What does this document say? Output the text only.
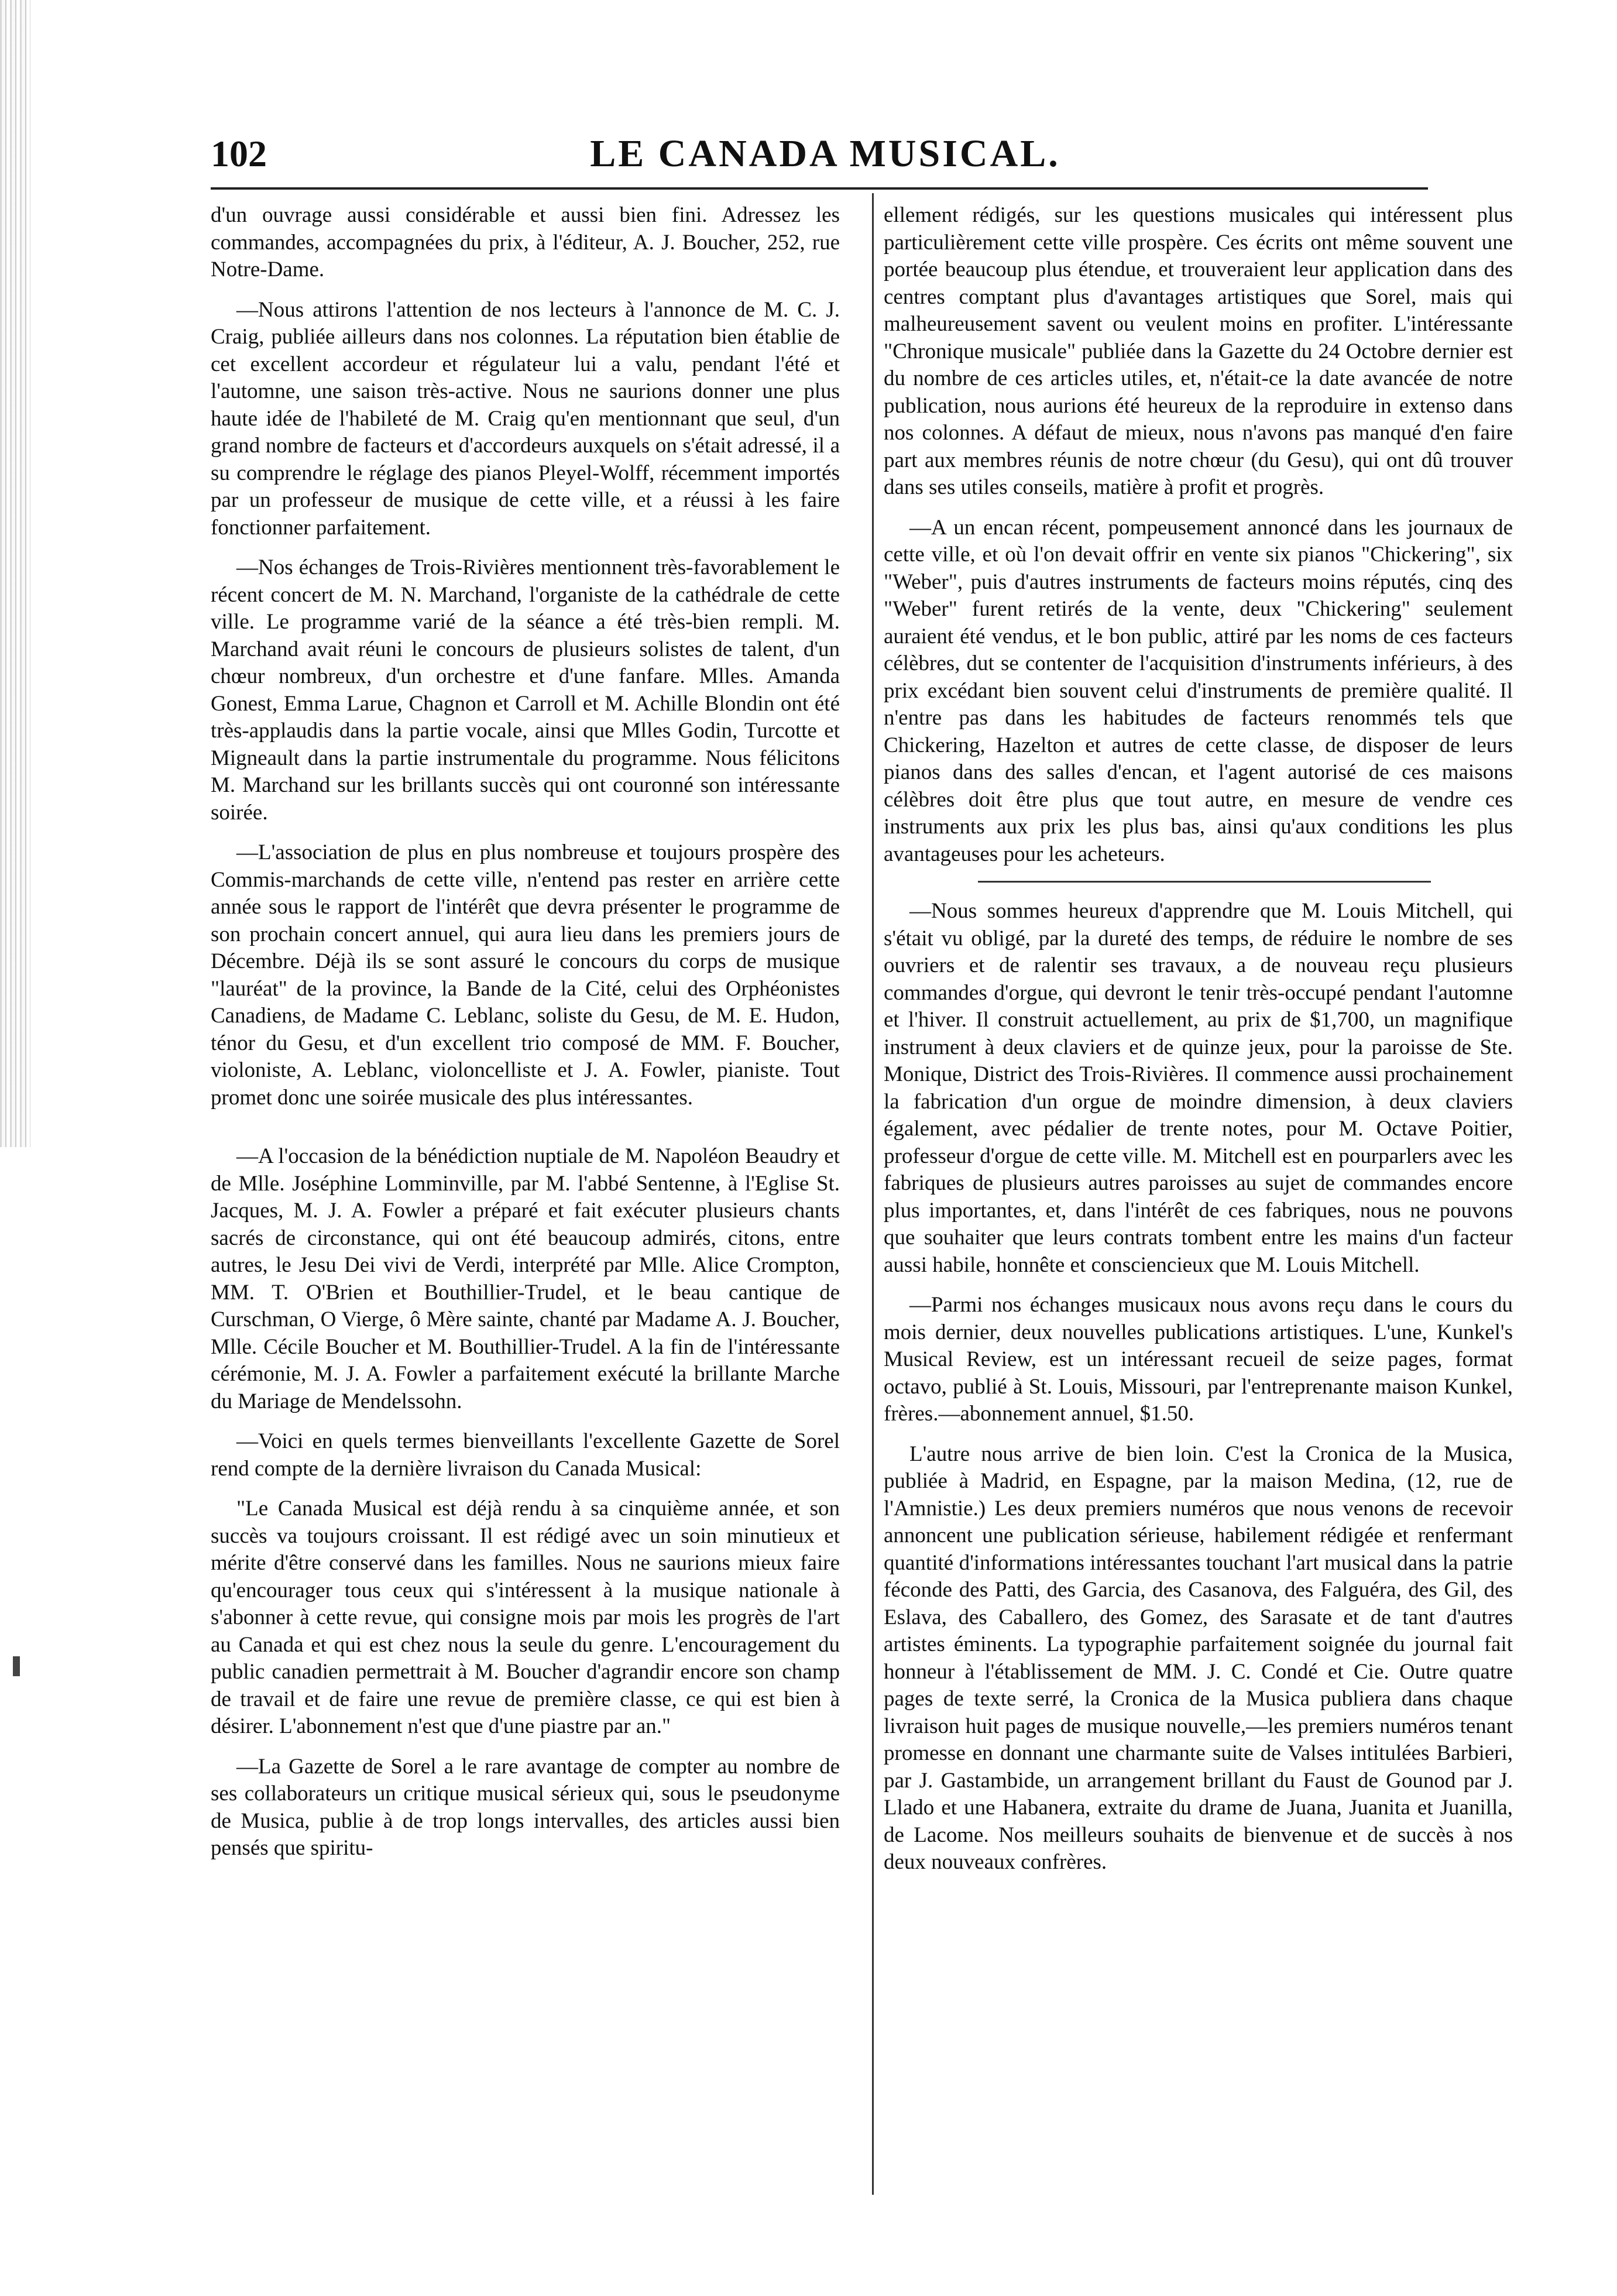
102	LE CANADA MUSICAL.

d'un ouvrage aussi considérable et aussi bien fini. Adressez les commandes, accompagnées du prix, à l'éditeur, A. J. Boucher, 252, rue Notre-Dame.

—Nous attirons l'attention de nos lecteurs à l'annonce de M. C. J. Craig, publiée ailleurs dans nos colonnes. La réputation bien établie de cet excellent accordeur et régulateur lui a valu, pendant l'été et l'automne, une saison très-active. Nous ne saurions donner une plus haute idée de l'habileté de M. Craig qu'en mentionnant que seul, d'un grand nombre de facteurs et d'accordeurs auxquels on s'était adressé, il a su comprendre le réglage des pianos Pleyel-Wolff, récemment importés par un professeur de musique de cette ville, et a réussi à les faire fonctionner parfaitement.

—Nos échanges de Trois-Rivières mentionnent très-favorablement le récent concert de M. N. Marchand, l'organiste de la cathédrale de cette ville. Le programme varié de la séance a été très-bien rempli. M. Marchand avait réuni le concours de plusieurs solistes de talent, d'un chœur nombreux, d'un orchestre et d'une fanfare. Mlles. Amanda Gonest, Emma Larue, Chagnon et Carroll et M. Achille Blondin ont été très-applaudis dans la partie vocale, ainsi que Mlles Godin, Turcotte et Migneault dans la partie instrumentale du programme. Nous félicitons M. Marchand sur les brillants succès qui ont couronné son intéressante soirée.

—L'association de plus en plus nombreuse et toujours prospère des Commis-marchands de cette ville, n'entend pas rester en arrière cette année sous le rapport de l'intérêt que devra présenter le programme de son prochain concert annuel, qui aura lieu dans les premiers jours de Décembre. Déjà ils se sont assuré le concours du corps de musique "lauréat" de la province, la Bande de la Cité, celui des Orphéonistes Canadiens, de Madame C. Leblanc, soliste du Gesu, de M. E. Hudon, ténor du Gesu, et d'un excellent trio composé de MM. F. Boucher, violoniste, A. Leblanc, violoncelliste et J. A. Fowler, pianiste. Tout promet donc une soirée musicale des plus intéressantes.

—A l'occasion de la bénédiction nuptiale de M. Napoléon Beaudry et de Mlle. Joséphine Lomminville, par M. l'abbé Sentenne, à l'Eglise St. Jacques, M. J. A. Fowler a préparé et fait exécuter plusieurs chants sacrés de circonstance, qui ont été beaucoup admirés, citons, entre autres, le Jesu Dei vivi de Verdi, interprété par Mlle. Alice Crompton, MM. T. O'Brien et Bouthillier-Trudel, et le beau cantique de Curschman, O Vierge, ô Mère sainte, chanté par Madame A. J. Boucher, Mlle. Cécile Boucher et M. Bouthillier-Trudel. A la fin de l'intéressante cérémonie, M. J. A. Fowler a parfaitement exécuté la brillante Marche du Mariage de Mendelssohn.

—Voici en quels termes bienveillants l'excellente Gazette de Sorel rend compte de la dernière livraison du Canada Musical:

"Le Canada Musical est déjà rendu à sa cinquième année, et son succès va toujours croissant. Il est rédigé avec un soin minutieux et mérite d'être conservé dans les familles. Nous ne saurions mieux faire qu'encourager tous ceux qui s'intéressent à la musique nationale à s'abonner à cette revue, qui consigne mois par mois les progrès de l'art au Canada et qui est chez nous la seule du genre. L'encouragement du public canadien permettrait à M. Boucher d'agrandir encore son champ de travail et de faire une revue de première classe, ce qui est bien à désirer. L'abonnement n'est que d'une piastre par an."

—La Gazette de Sorel a le rare avantage de compter au nombre de ses collaborateurs un critique musical sérieux qui, sous le pseudonyme de Musica, publie à de trop longs intervalles, des articles aussi bien pensés que spiritu-

ellement rédigés, sur les questions musicales qui intéressent plus particulièrement cette ville prospère. Ces écrits ont même souvent une portée beaucoup plus étendue, et trouveraient leur application dans des centres comptant plus d'avantages artistiques que Sorel, mais qui malheureusement savent ou veulent moins en profiter. L'intéressante "Chronique musicale" publiée dans la Gazette du 24 Octobre dernier est du nombre de ces articles utiles, et, n'était-ce la date avancée de notre publication, nous aurions été heureux de la reproduire in extenso dans nos colonnes. A défaut de mieux, nous n'avons pas manqué d'en faire part aux membres réunis de notre chœur (du Gesu), qui ont dû trouver dans ses utiles conseils, matière à profit et progrès.

—A un encan récent, pompeusement annoncé dans les journaux de cette ville, et où l'on devait offrir en vente six pianos "Chickering", six "Weber", puis d'autres instruments de facteurs moins réputés, cinq des "Weber" furent retirés de la vente, deux "Chickering" seulement auraient été vendus, et le bon public, attiré par les noms de ces facteurs célèbres, dut se contenter de l'acquisition d'instruments inférieurs, à des prix excédant bien souvent celui d'instruments de première qualité. Il n'entre pas dans les habitudes de facteurs renommés tels que Chickering, Hazelton et autres de cette classe, de disposer de leurs pianos dans des salles d'encan, et l'agent autorisé de ces maisons célèbres doit être plus que tout autre, en mesure de vendre ces instruments aux prix les plus bas, ainsi qu'aux conditions les plus avantageuses pour les acheteurs.

—Nous sommes heureux d'apprendre que M. Louis Mitchell, qui s'était vu obligé, par la dureté des temps, de réduire le nombre de ses ouvriers et de ralentir ses travaux, a de nouveau reçu plusieurs commandes d'orgue, qui devront le tenir très-occupé pendant l'automne et l'hiver. Il construit actuellement, au prix de $1,700, un magnifique instrument à deux claviers et de quinze jeux, pour la paroisse de Ste. Monique, District des Trois-Rivières. Il commence aussi prochainement la fabrication d'un orgue de moindre dimension, à deux claviers également, avec pédalier de trente notes, pour M. Octave Poitier, professeur d'orgue de cette ville. M. Mitchell est en pourparlers avec les fabriques de plusieurs autres paroisses au sujet de commandes encore plus importantes, et, dans l'intérêt de ces fabriques, nous ne pouvons que souhaiter que leurs contrats tombent entre les mains d'un facteur aussi habile, honnête et consciencieux que M. Louis Mitchell.

—Parmi nos échanges musicaux nous avons reçu dans le cours du mois dernier, deux nouvelles publications artistiques. L'une, Kunkel's Musical Review, est un intéressant recueil de seize pages, format octavo, publié à St. Louis, Missouri, par l'entreprenante maison Kunkel, frères.—abonnement annuel, $1.50.

L'autre nous arrive de bien loin. C'est la Cronica de la Musica, publiée à Madrid, en Espagne, par la maison Medina, (12, rue de l'Amnistie.) Les deux premiers numéros que nous venons de recevoir annoncent une publication sérieuse, habilement rédigée et renfermant quantité d'informations intéressantes touchant l'art musical dans la patrie féconde des Patti, des Garcia, des Casanova, des Falguéra, des Gil, des Eslava, des Caballero, des Gomez, des Sarasate et de tant d'autres artistes éminents. La typographie parfaitement soignée du journal fait honneur à l'établissement de MM. J. C. Condé et Cie. Outre quatre pages de texte serré, la Cronica de la Musica publiera dans chaque livraison huit pages de musique nouvelle,—les premiers numéros tenant promesse en donnant une charmante suite de Valses intitulées Barbieri, par J. Gastambide, un arrangement brillant du Faust de Gounod par J. Llado et une Habanera, extraite du drame de Juana, Juanita et Juanilla, de Lacome. Nos meilleurs souhaits de bienvenue et de succès à nos deux nouveaux confrères.
